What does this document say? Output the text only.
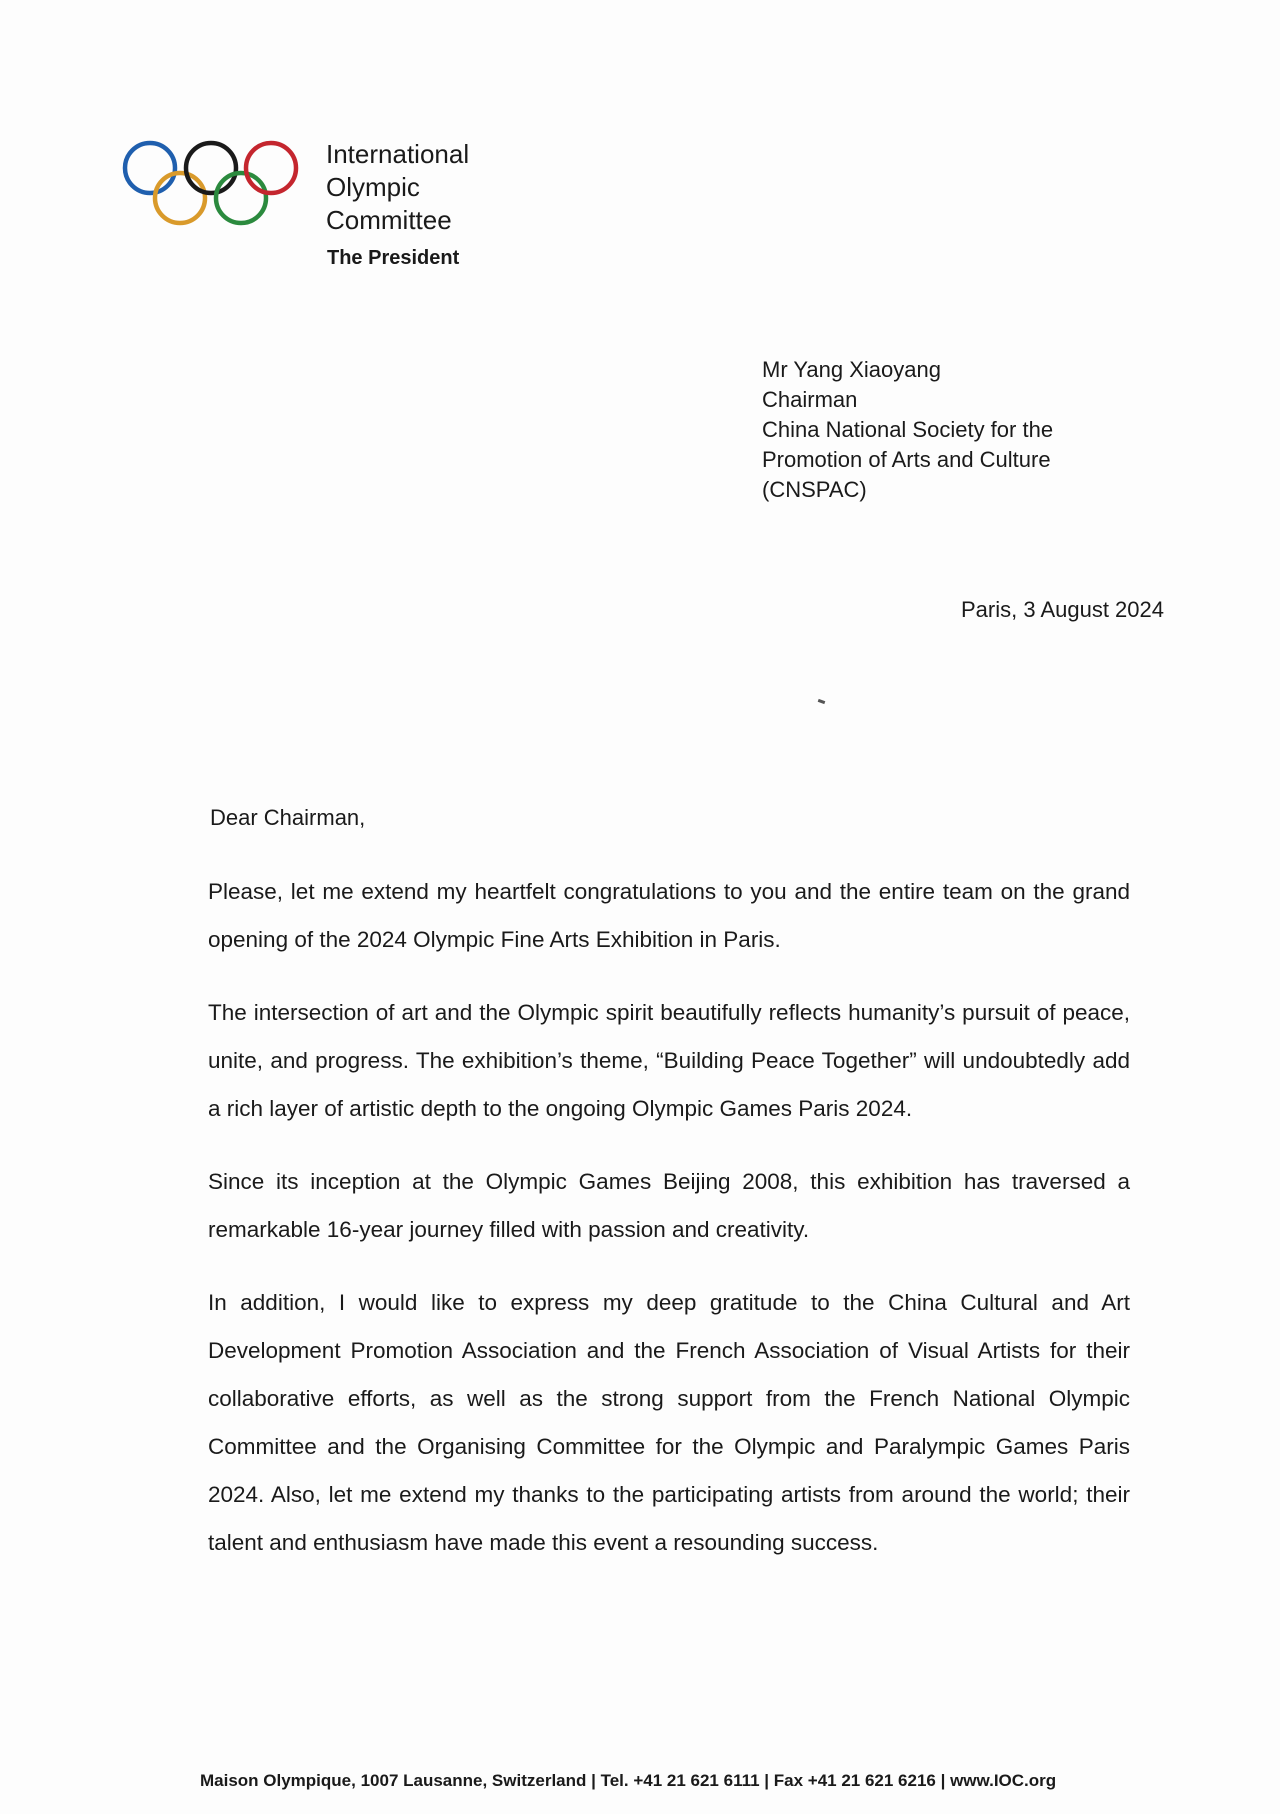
International
Olympic
Committee
The President
Mr Yang Xiaoyang
Chairman
China National Society for the
Promotion of Arts and Culture
(CNSPAC)
Paris, 3 August 2024
Dear Chairman,

Please, let me extend my heartfelt congratulations to you and the entire team on the grand opening of the 2024 Olympic Fine Arts Exhibition in Paris.

The intersection of art and the Olympic spirit beautifully reflects humanity’s pursuit of peace, unite, and progress. The exhibition’s theme, “Building Peace Together” will undoubtedly add a rich layer of artistic depth to the ongoing Olympic Games Paris 2024.

Since its inception at the Olympic Games Beijing 2008, this exhibition has traversed a remarkable 16-year journey filled with passion and creativity.

In addition, I would like to express my deep gratitude to the China Cultural and Art Development Promotion Association and the French Association of Visual Artists for their collaborative efforts, as well as the strong support from the French National Olympic Committee and the Organising Committee for the Olympic and Paralympic Games Paris 2024. Also, let me extend my thanks to the participating artists from around the world; their talent and enthusiasm have made this event a resounding success.

Maison Olympique, 1007 Lausanne, Switzerland | Tel. +41 21 621 6111 | Fax +41 21 621 6216 | www.IOC.org
